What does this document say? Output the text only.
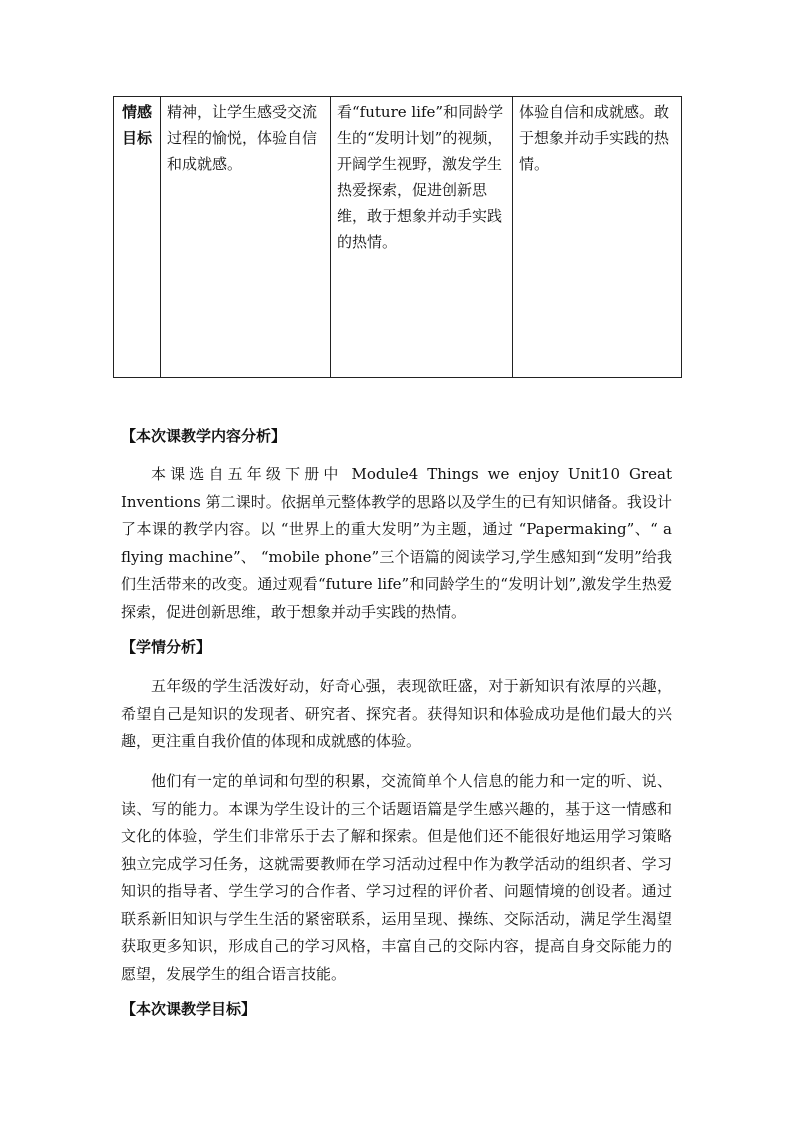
情感
目标
	精神，让学生感受交流过程的愉悦，体验自信和成就感。	看“future life”和同龄学生的“发明计划”的视频，开阔学生视野，激发学生热爱探索，促进创新思维，敢于想象并动手实践的热情。	体验自信和成就感。敢于想象并动手实践的热情。
【本次课教学内容分析】
本课选自五年级下册中 Module4 Things we enjoy Unit10 Great Inventions 第二课时。依据单元整体教学的思路以及学生的已有知识储备。我设计了本课的教学内容。以 “世界上的重大发明”为主题，通过 “Papermaking”、“ a flying machine”、 “mobile phone”三个语篇的阅读学习,学生感知到“发明”给我们生活带来的改变。通过观看“future life”和同龄学生的“发明计划”,激发学生热爱探索，促进创新思维，敢于想象并动手实践的热情。
【学情分析】
五年级的学生活泼好动，好奇心强，表现欲旺盛，对于新知识有浓厚的兴趣，希望自己是知识的发现者、研究者、探究者。获得知识和体验成功是他们最大的兴趣，更注重自我价值的体现和成就感的体验。
他们有一定的单词和句型的积累，交流简单个人信息的能力和一定的听、说、读、写的能力。本课为学生设计的三个话题语篇是学生感兴趣的，基于这一情感和文化的体验，学生们非常乐于去了解和探索。但是他们还不能很好地运用学习策略独立完成学习任务，这就需要教师在学习活动过程中作为教学活动的组织者、学习知识的指导者、学生学习的合作者、学习过程的评价者、问题情境的创设者。通过联系新旧知识与学生生活的紧密联系，运用呈现、操练、交际活动，满足学生渴望获取更多知识，形成自己的学习风格，丰富自己的交际内容，提高自身交际能力的愿望，发展学生的组合语言技能。
【本次课教学目标】
